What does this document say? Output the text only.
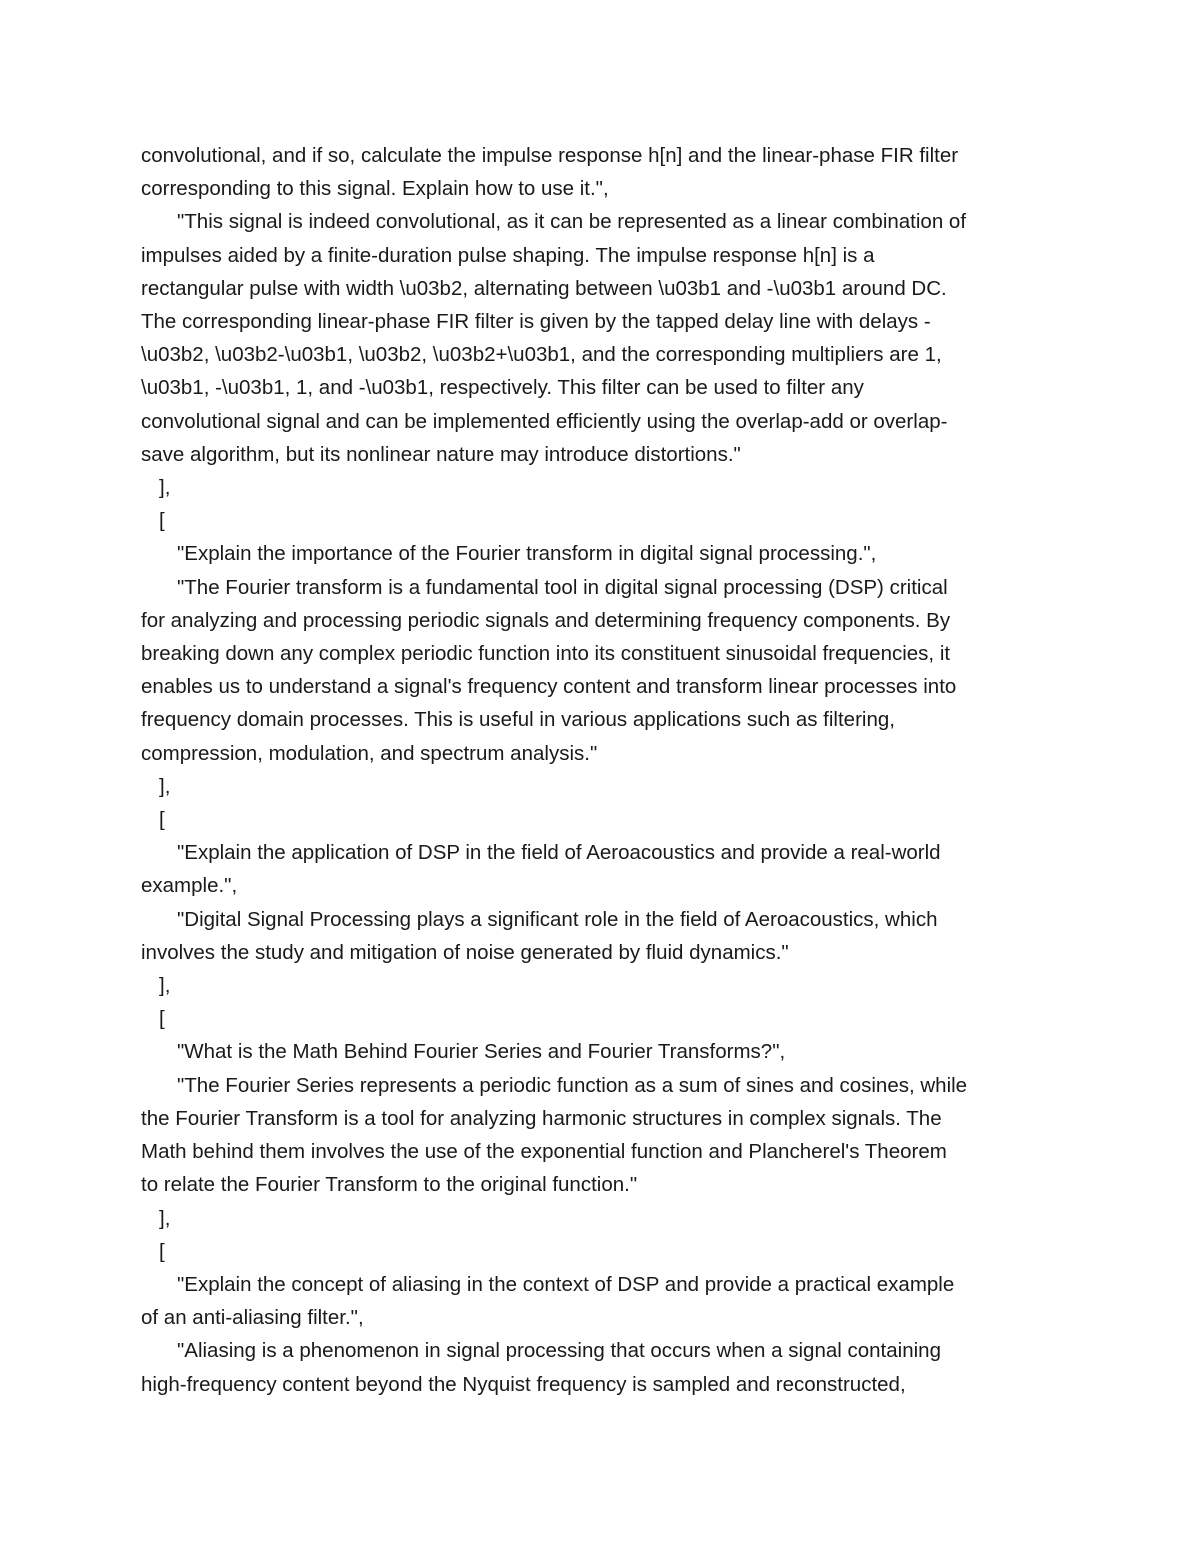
convolutional, and if so, calculate the impulse response h[n] and the linear-phase FIR filter

corresponding to this signal. Explain how to use it.",

"This signal is indeed convolutional, as it can be represented as a linear combination of

impulses aided by a finite-duration pulse shaping. The impulse response h[n] is a

rectangular pulse with width \u03b2, alternating between \u03b1 and -\u03b1 around DC.

The corresponding linear-phase FIR filter is given by the tapped delay line with delays -

\u03b2, \u03b2-\u03b1, \u03b2, \u03b2+\u03b1, and the corresponding multipliers are 1,

\u03b1, -\u03b1, 1, and -\u03b1, respectively. This filter can be used to filter any

convolutional signal and can be implemented efficiently using the overlap-add or overlap-

save algorithm, but its nonlinear nature may introduce distortions."

],

[

"Explain the importance of the Fourier transform in digital signal processing.",

"The Fourier transform is a fundamental tool in digital signal processing (DSP) critical

for analyzing and processing periodic signals and determining frequency components. By

breaking down any complex periodic function into its constituent sinusoidal frequencies, it

enables us to understand a signal's frequency content and transform linear processes into

frequency domain processes. This is useful in various applications such as filtering,

compression, modulation, and spectrum analysis."

],

[

"Explain the application of DSP in the field of Aeroacoustics and provide a real-world

example.",

"Digital Signal Processing plays a significant role in the field of Aeroacoustics, which

involves the study and mitigation of noise generated by fluid dynamics."

],

[

"What is the Math Behind Fourier Series and Fourier Transforms?",

"The Fourier Series represents a periodic function as a sum of sines and cosines, while

the Fourier Transform is a tool for analyzing harmonic structures in complex signals. The

Math behind them involves the use of the exponential function and Plancherel's Theorem

to relate the Fourier Transform to the original function."

],

[

"Explain the concept of aliasing in the context of DSP and provide a practical example

of an anti-aliasing filter.",

"Aliasing is a phenomenon in signal processing that occurs when a signal containing

high-frequency content beyond the Nyquist frequency is sampled and reconstructed,
